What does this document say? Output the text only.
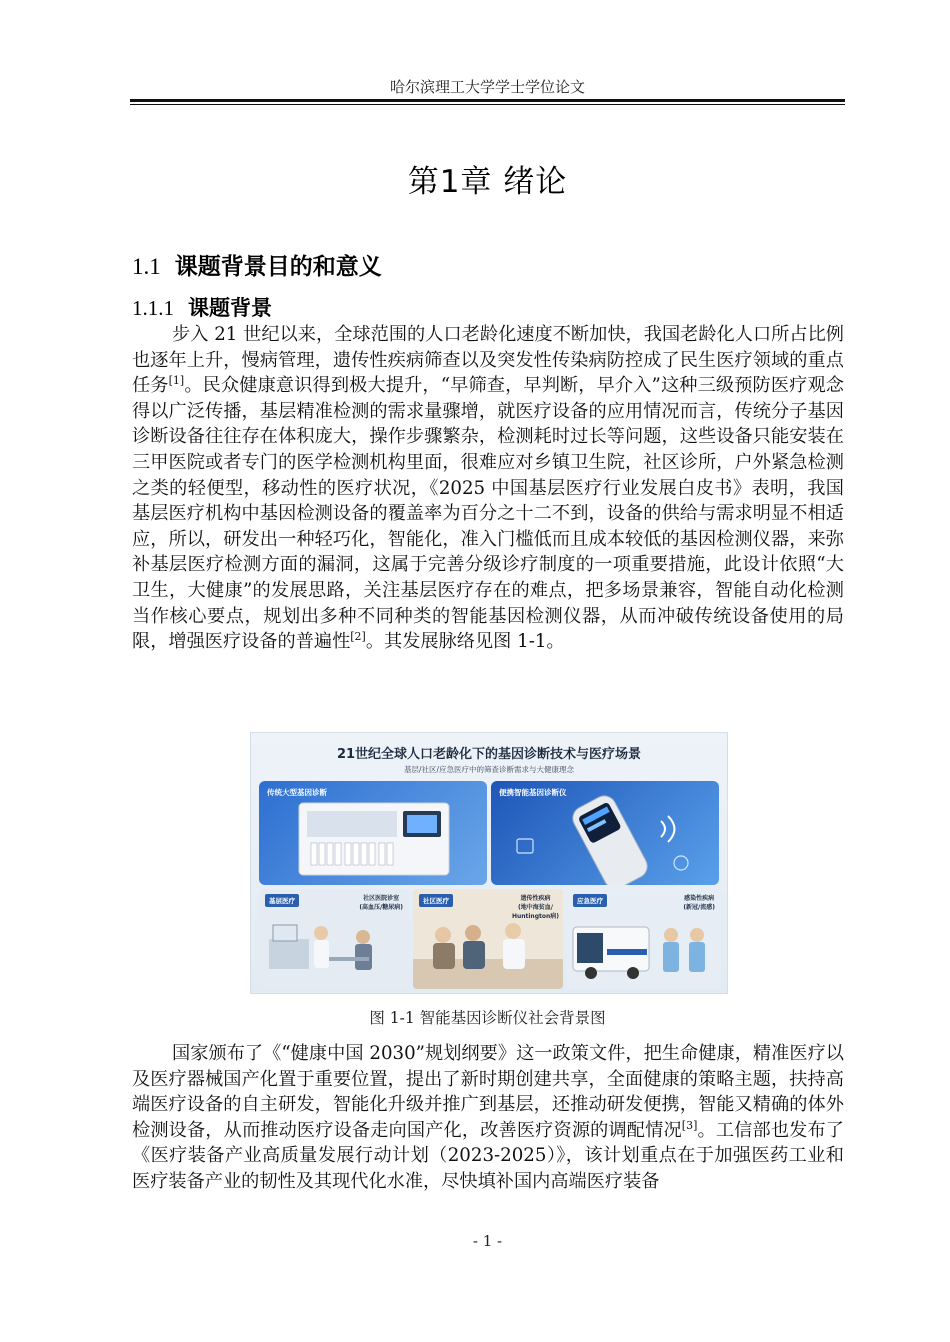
哈尔滨理工大学学士学位论文
第1章 绪论
1.1 课题背景目的和意义
1.1.1 课题背景
步入 21 世纪以来，全球范围的人口老龄化速度不断加快，我国老龄化人口所占比例也逐年上升，慢病管理，遗传性疾病筛查以及突发性传染病防控成了民生医疗领域的重点任务[1]。民众健康意识得到极大提升，“早筛查，早判断，早介入”这种三级预防医疗观念得以广泛传播，基层精准检测的需求量骤增，就医疗设备的应用情况而言，传统分子基因诊断设备往往存在体积庞大，操作步骤繁杂，检测耗时过长等问题，这些设备只能安装在三甲医院或者专门的医学检测机构里面，很难应对乡镇卫生院，社区诊所，户外紧急检测之类的轻便型，移动性的医疗状况，《2025 中国基层医疗行业发展白皮书》表明，我国基层医疗机构中基因检测设备的覆盖率为百分之十二不到，设备的供给与需求明显不相适应，所以，研发出一种轻巧化，智能化，准入门槛低而且成本较低的基因检测仪器，来弥补基层医疗检测方面的漏洞，这属于完善分级诊疗制度的一项重要措施，此设计依照“大卫生，大健康”的发展思路，关注基层医疗存在的难点，把多场景兼容，智能自动化检测当作核心要点，规划出多种不同种类的智能基因检测仪器，从而冲破传统设备使用的局限，增强医疗设备的普遍性[2]。其发展脉络见图 1-1。
21世纪全球人口老龄化下的基因诊断技术与医疗场景
基层/社区/应急医疗中的筛查诊断需求与大健康理念
传统大型基因诊断	便携智能基因诊断仪
基层医疗	社区医院诊室
(高血压/糖尿病)
社区医疗	遗传性疾病
(地中海贫血/
Huntington病)
应急医疗	感染性疾病
(新冠/流感)
图 1-1 智能基因诊断仪社会背景图
国家颁布了《“健康中国 2030”规划纲要》这一政策文件，把生命健康，精准医疗以及医疗器械国产化置于重要位置，提出了新时期创建共享，全面健康的策略主题，扶持高端医疗设备的自主研发，智能化升级并推广到基层，还推动研发便携，智能又精确的体外检测设备，从而推动医疗设备走向国产化，改善医疗资源的调配情况[3]。工信部也发布了《医疗装备产业高质量发展行动计划（2023-2025）》，该计划重点在于加强医药工业和医疗装备产业的韧性及其现代化水准，尽快填补国内高端医疗装备
- 1 -
